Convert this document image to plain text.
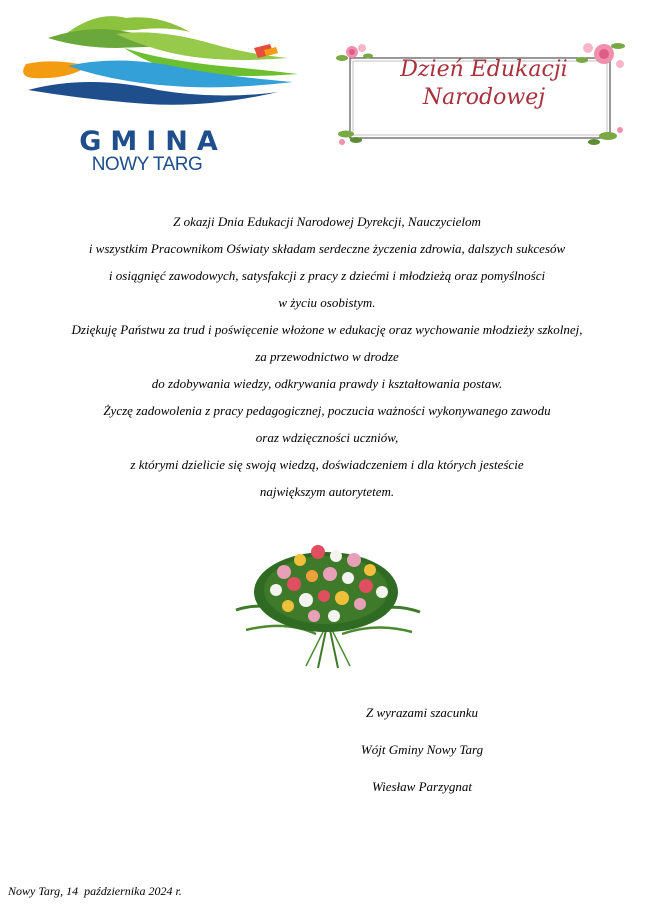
GMINA
NOWY TARG
Dzień Edukacji
Narodowej
Z okazji Dnia Edukacji Narodowej Dyrekcji, Nauczycielom
i wszystkim Pracownikom Oświaty składam serdeczne życzenia zdrowia, dalszych sukcesów
i osiągnięć zawodowych, satysfakcji z pracy z dziećmi i młodzieżą oraz pomyślności
w życiu osobistym.
Dziękuję Państwu za trud i poświęcenie włożone w edukację oraz wychowanie młodzieży szkolnej,
za przewodnictwo w drodze
do zdobywania wiedzy, odkrywania prawdy i kształtowania postaw.
Życzę zadowolenia z pracy pedagogicznej, poczucia ważności wykonywanego zawodu
oraz wdzięczności uczniów,
z którymi dzielicie się swoją wiedzą, doświadczeniem i dla których jesteście
największym autorytetem.
Z wyrazami szacunku
Wójt Gminy Nowy Targ
Wiesław Parzygnat
Nowy Targ, 14  października 2024 r.
